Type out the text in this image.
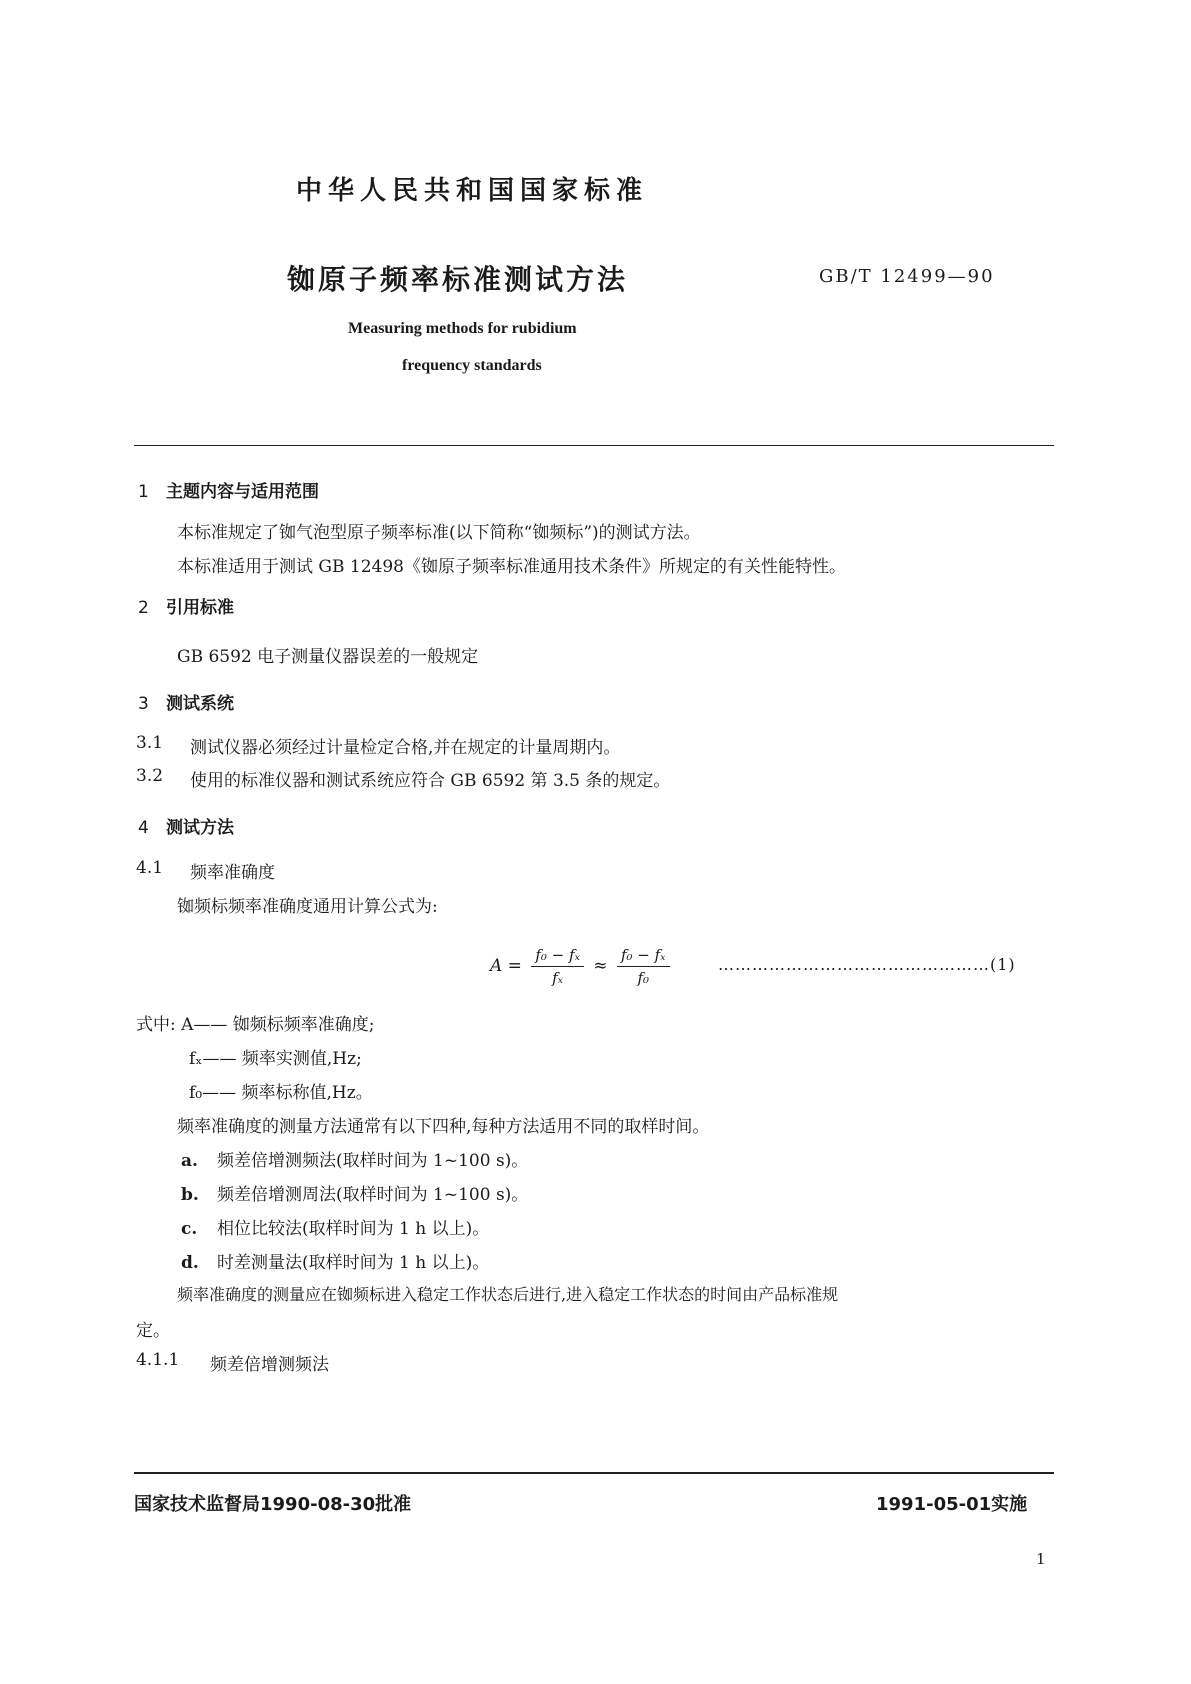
中华人民共和国国家标准
铷原子频率标准测试方法	GB/T 12499—90
Measuring methods for rubidium
frequency standards
1 主题内容与适用范围
本标准规定了铷气泡型原子频率标准(以下简称“铷频标”)的测试方法。
本标准适用于测试 GB 12498《铷原子频率标准通用技术条件》所规定的有关性能特性。
2 引用标准
GB 6592 电子测量仪器误差的一般规定
3 测试系统
3.1 测试仪器必须经过计量检定合格,并在规定的计量周期内。
3.2 使用的标准仪器和测试系统应符合 GB 6592 第 3.5 条的规定。
4 测试方法
4.1 频率准确度
铷频标频率准确度通用计算公式为:
$A = \frac{\text{f₀ − fₓ}}{\text{fₓ}} \approx \frac{\text{f₀ − fₓ}}{\text{f₀}}$	…………………………………………(1)
式中: A—— 铷频标频率准确度;
fₓ—— 频率实测值,Hz;
f₀—— 频率标称值,Hz。
频率准确度的测量方法通常有以下四种,每种方法适用不同的取样时间。
a. 频差倍增测频法(取样时间为 1~100 s)。
b. 频差倍增测周法(取样时间为 1~100 s)。
c. 相位比较法(取样时间为 1 h 以上)。
d. 时差测量法(取样时间为 1 h 以上)。
频率准确度的测量应在铷频标进入稳定工作状态后进行,进入稳定工作状态的时间由产品标准规
定。
4.1.1 频差倍增测频法
国家技术监督局1990-08-30批准	1991-05-01实施
1
